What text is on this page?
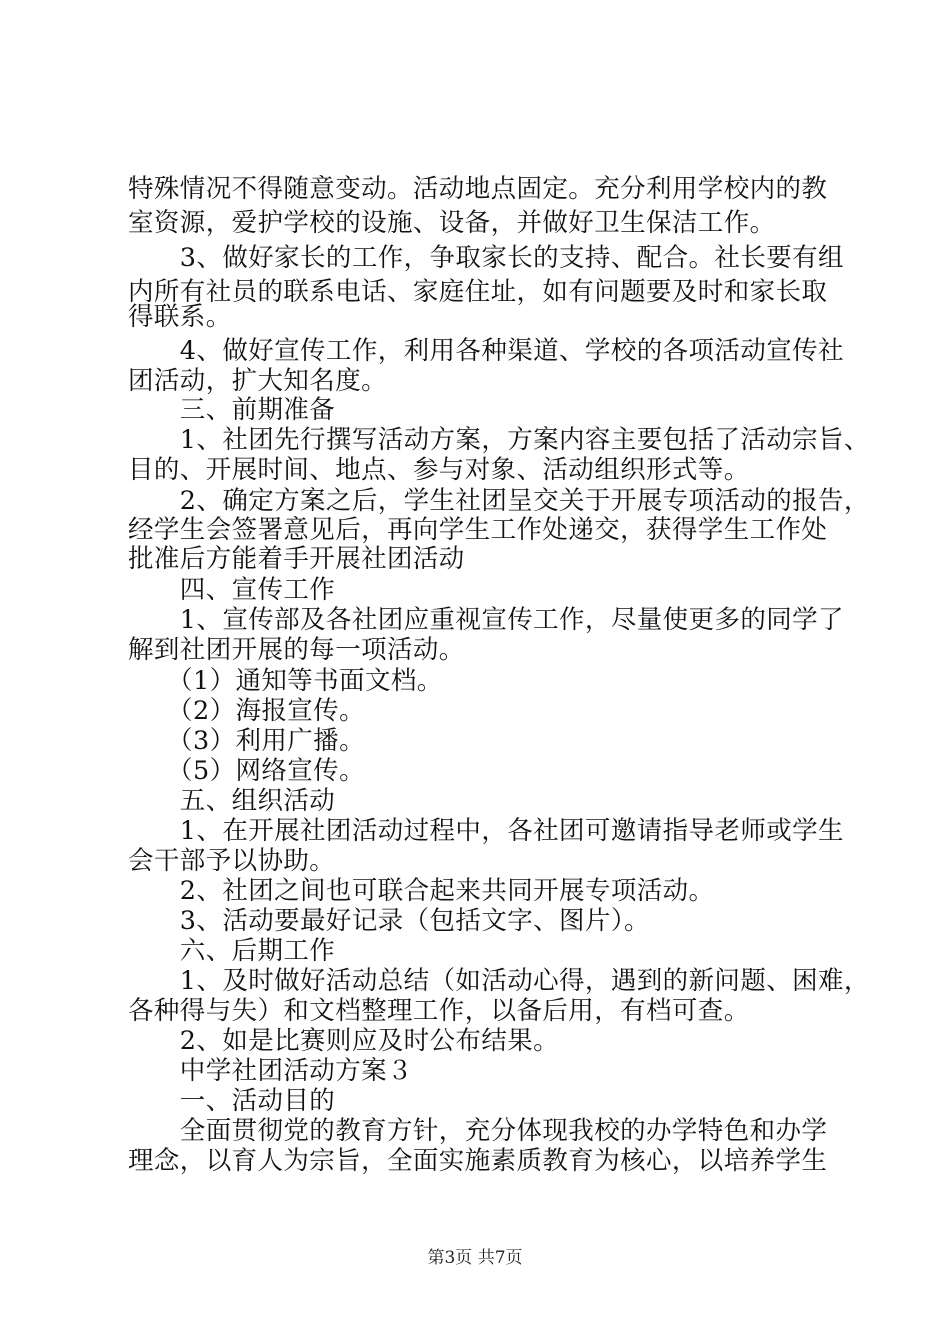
特殊情况不得随意变动。活动地点固定。充分利用学校内的教
室资源，爱护学校的设施、设备，并做好卫生保洁工作。
　　3、做好家长的工作，争取家长的支持、配合。社长要有组
内所有社员的联系电话、家庭住址，如有问题要及时和家长取
得联系。
　　4、做好宣传工作，利用各种渠道、学校的各项活动宣传社
团活动，扩大知名度。
　　三、前期准备
　　1、社团先行撰写活动方案，方案内容主要包括了活动宗旨、
目的、开展时间、地点、参与对象、活动组织形式等。
　　2、确定方案之后，学生社团呈交关于开展专项活动的报告，
经学生会签署意见后，再向学生工作处递交，获得学生工作处
批准后方能着手开展社团活动
　　四、宣传工作
　　1、宣传部及各社团应重视宣传工作，尽量使更多的同学了
解到社团开展的每一项活动。
　　（1）通知等书面文档。
　　（2）海报宣传。
　　（3）利用广播。
　　（5）网络宣传。
　　五、组织活动
　　1、在开展社团活动过程中，各社团可邀请指导老师或学生
会干部予以协助。
　　2、社团之间也可联合起来共同开展专项活动。
　　3、活动要最好记录（包括文字、图片）。
　　六、后期工作
　　1、及时做好活动总结（如活动心得，遇到的新问题、困难，
各种得与失）和文档整理工作，以备后用，有档可查。
　　2、如是比赛则应及时公布结果。
　　中学社团活动方案３
　　一、活动目的
　　全面贯彻党的教育方针，充分体现我校的办学特色和办学
理念，以育人为宗旨，全面实施素质教育为核心，以培养学生
第3页 共7页
